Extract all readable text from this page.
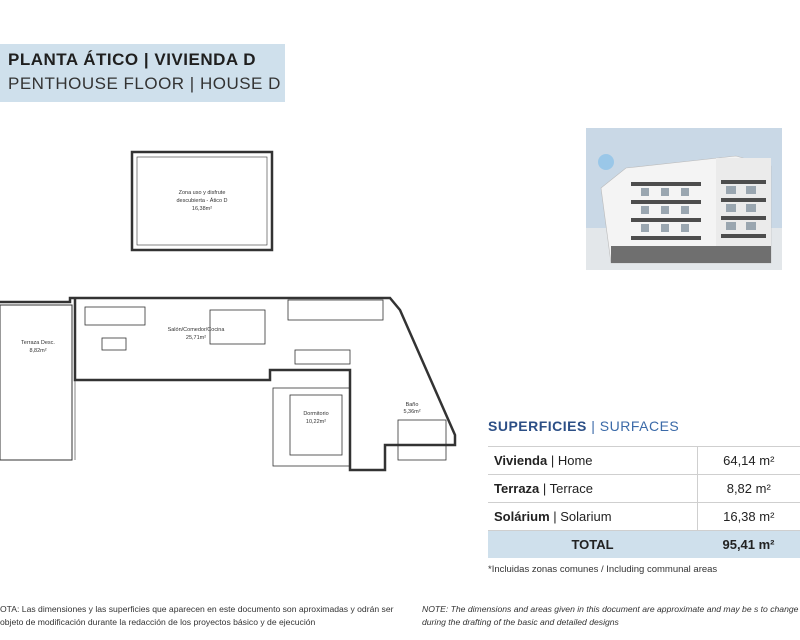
PLANTA ÁTICO | VIVIENDA D
PENTHOUSE FLOOR | HOUSE D
Zona uso y disfrute
descubierta - Ático D
16,38m²
Terraza Desc.
8,82m²
Salón/Comedor/Cocina
25,71m²
Dormitorio
10,22m²
Baño
5,36m²
SUPERFICIES | SURFACES
Vivienda | Home	64,14 m²
Terraza | Terrace	8,82 m²
Solárium | Solarium	16,38 m²
TOTAL	95,41 m²
*Incluidas zonas comunes / Including communal areas
OTA: Las dimensiones y las superficies que aparecen en este documento son aproximadas y odrán ser objeto de modificación durante la redacción de los proyectos básico y de ejecución
NOTE: The dimensions and areas given in this document are approximate and may be s to change during the drafting of the basic and detailed designs
